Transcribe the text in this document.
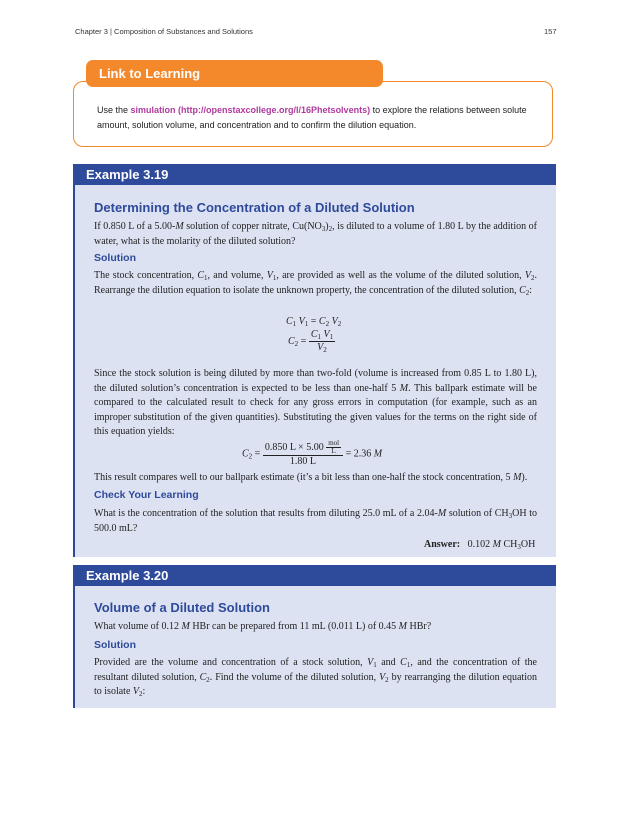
Chapter 3 | Composition of Substances and Solutions	157
Link to Learning
Use the simulation (http://openstaxcollege.org/l/16Phetsolvents) to explore the relations between solute amount, solution volume, and concentration and to confirm the dilution equation.
Example 3.19
Determining the Concentration of a Diluted Solution
If 0.850 L of a 5.00-M solution of copper nitrate, $Cu(NO_3)_2$, is diluted to a volume of 1.80 L by the addition of water, what is the molarity of the diluted solution?
Solution
The stock concentration, $C_1$, and volume, $V_1$, are provided as well as the volume of the diluted solution, $V_2$. Rearrange the dilution equation to isolate the unknown property, the concentration of the diluted solution, $C_2$:
$C_1$ $V_1 = C_2$ $V_2$
$C_2 = \frac{C_1 V_1}{V_2}$
Since the stock solution is being diluted by more than two-fold (volume is increased from 0.85 L to 1.80 L), the diluted solution’s concentration is expected to be less than one-half 5 M. This ballpark estimate will be compared to the calculated result to check for any gross errors in computation (for example, such as an improper substitution of the given quantities). Substituting the given values for the terms on the right side of this equation yields:
$C_2 = \frac{0.850 L \times 5.00 \frac{\text{mol}}{L}}{1.80 L} = 2.36$ M
This result compares well to our ballpark estimate (it’s a bit less than one-half the stock concentration, 5 M).
Check Your Learning
What is the concentration of the solution that results from diluting 25.0 mL of a 2.04-M solution of $CH_3OH$ to 500.0 mL?
Answer:   0.102 M $CH_3OH$
Example 3.20
Volume of a Diluted Solution
What volume of 0.12 M HBr can be prepared from 11 mL (0.011 L) of 0.45 M HBr?
Solution
Provided are the volume and concentration of a stock solution, $V_1$ and $C_1$, and the concentration of the resultant diluted solution, $C_2$. Find the volume of the diluted solution, $V_2$ by rearranging the dilution equation to isolate $V_2$:
